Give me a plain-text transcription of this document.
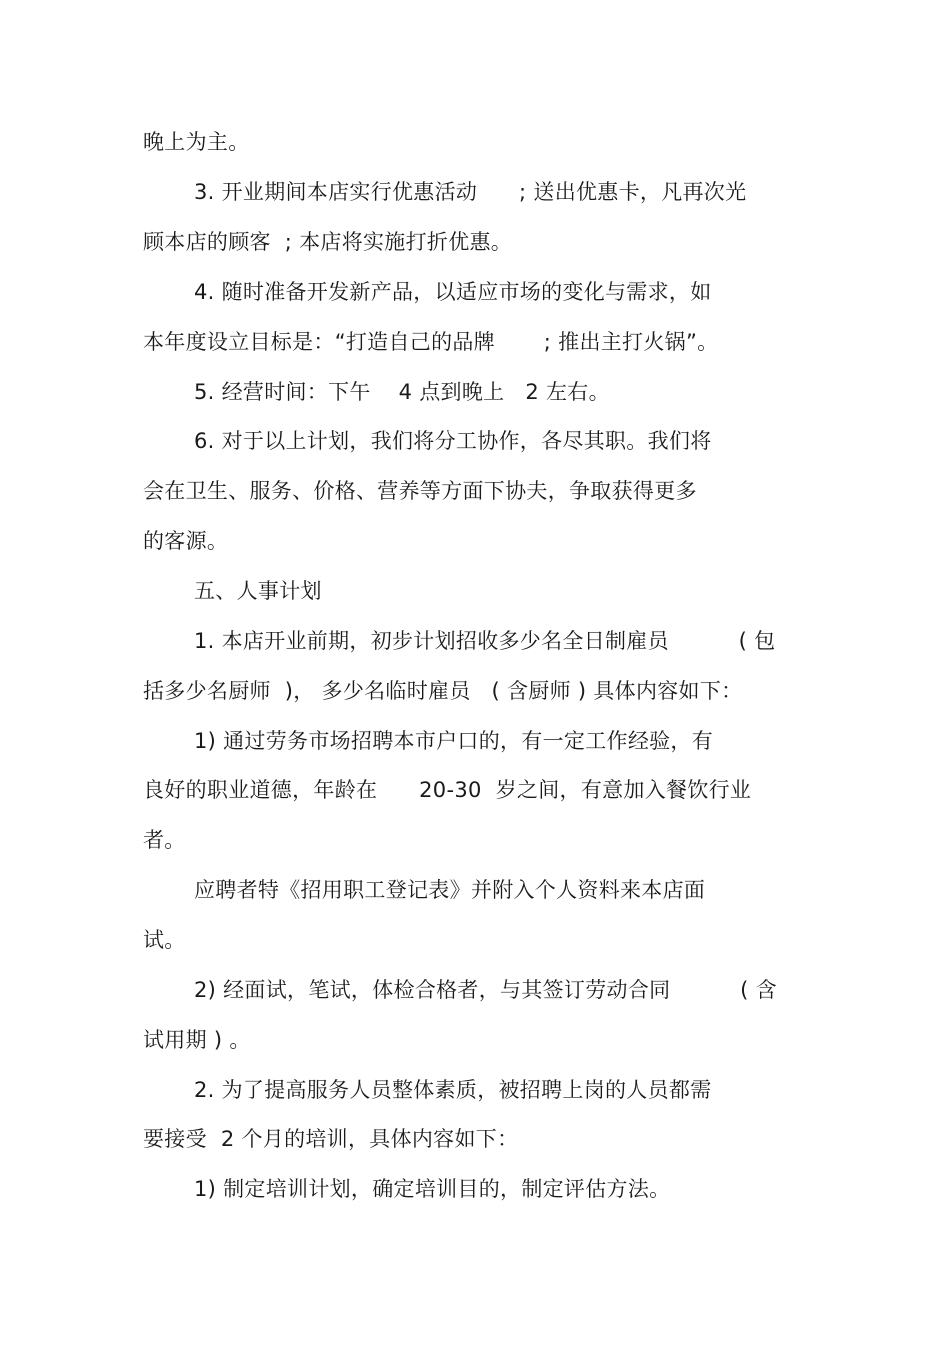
晚上为主。
3. 开业期间本店实行优惠活动      ; 送出优惠卡，凡再次光
顾本店的顾客  ; 本店将实施打折优惠。
4. 随时准备开发新产品，以适应市场的变化与需求，如
本年度设立目标是：“打造自己的品牌       ; 推出主打火锅”。
5. 经营时间：下午    4 点到晚上   2 左右。
6. 对于以上计划，我们将分工协作，各尽其职。我们将
会在卫生、服务、价格、营养等方面下协夫，争取获得更多
的客源。
五、人事计划
1. 本店开业前期，初步计划招收多少名全日制雇员          ( 包
括多少名厨师  )， 多少名临时雇员   ( 含厨师 ) 具体内容如下：
1) 通过劳务市场招聘本市户口的，有一定工作经验，有
良好的职业道德，年龄在      20-30  岁之间，有意加入餐饮行业
者。
应聘者特《招用职工登记表》并附入个人资料来本店面
试。
2) 经面试，笔试，体检合格者，与其签订劳动合同          ( 含
试用期 ) 。
2. 为了提高服务人员整体素质，被招聘上岗的人员都需
要接受  2 个月的培训，具体内容如下：
1) 制定培训计划，确定培训目的，制定评估方法。
